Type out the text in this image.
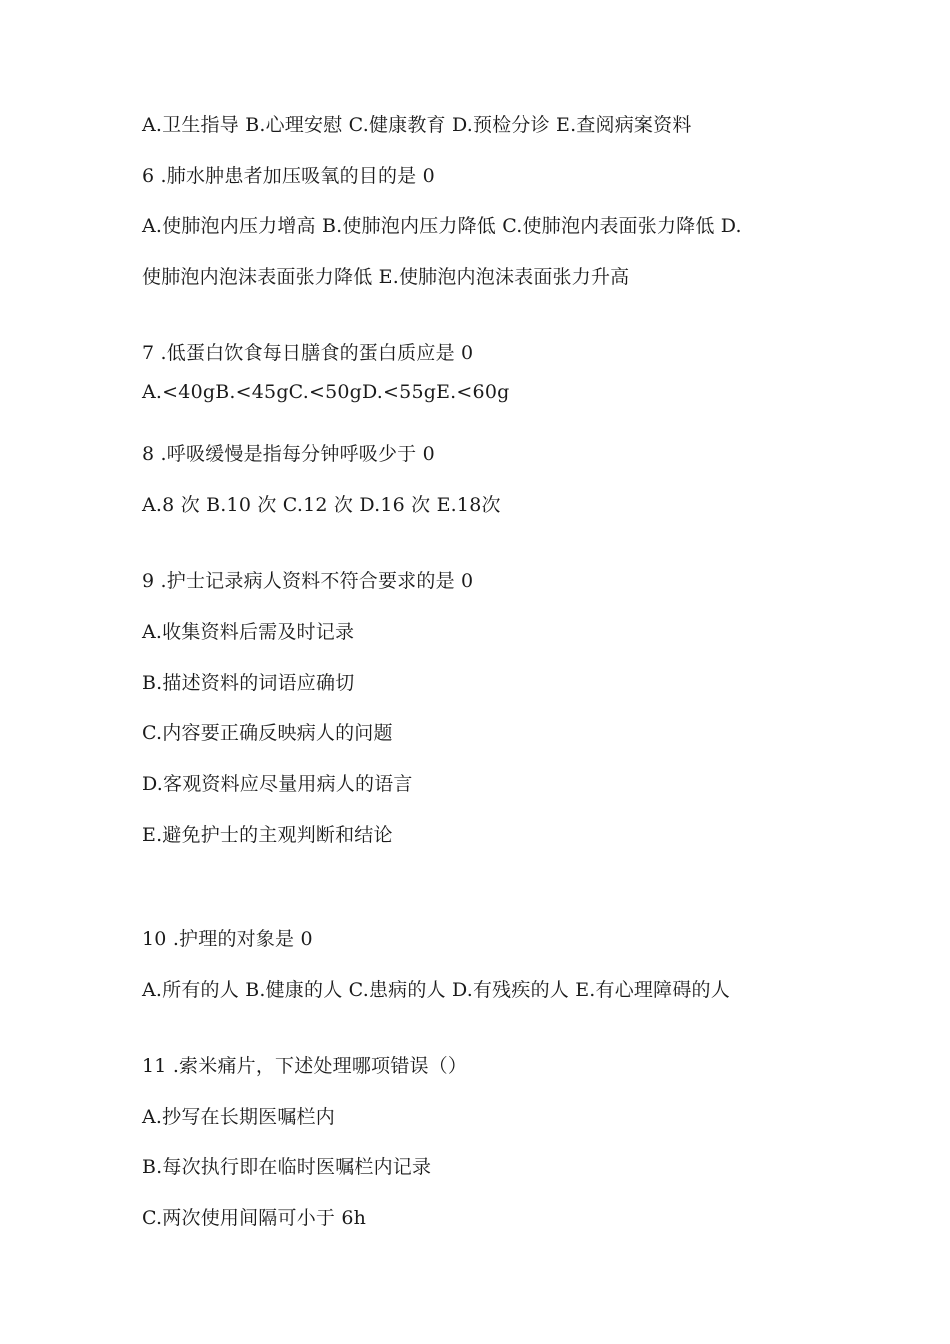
A.卫生指导 B.心理安慰 C.健康教育 D.预检分诊 E.查阅病案资料
6 .肺水肿患者加压吸氧的目的是 0
A.使肺泡内压力增高 B.使肺泡内压力降低 C.使肺泡内表面张力降低 D.
使肺泡内泡沫表面张力降低 E.使肺泡内泡沫表面张力升高
7 .低蛋白饮食每日膳食的蛋白质应是 0
A.<40gB.<45gC.<50gD.<55gE.<60g
8 .呼吸缓慢是指每分钟呼吸少于 0
A.8 次 B.10 次 C.12 次 D.16 次 E.18次
9 .护士记录病人资料不符合要求的是 0
A.收集资料后需及时记录
B.描述资料的词语应确切
C.内容要正确反映病人的问题
D.客观资料应尽量用病人的语言
E.避免护士的主观判断和结论
10 .护理的对象是 0
A.所有的人 B.健康的人 C.患病的人 D.有残疾的人 E.有心理障碍的人
11 .索米痛片，下述处理哪项错误（）
A.抄写在长期医嘱栏内
B.每次执行即在临时医嘱栏内记录
C.两次使用间隔可小于 6h
